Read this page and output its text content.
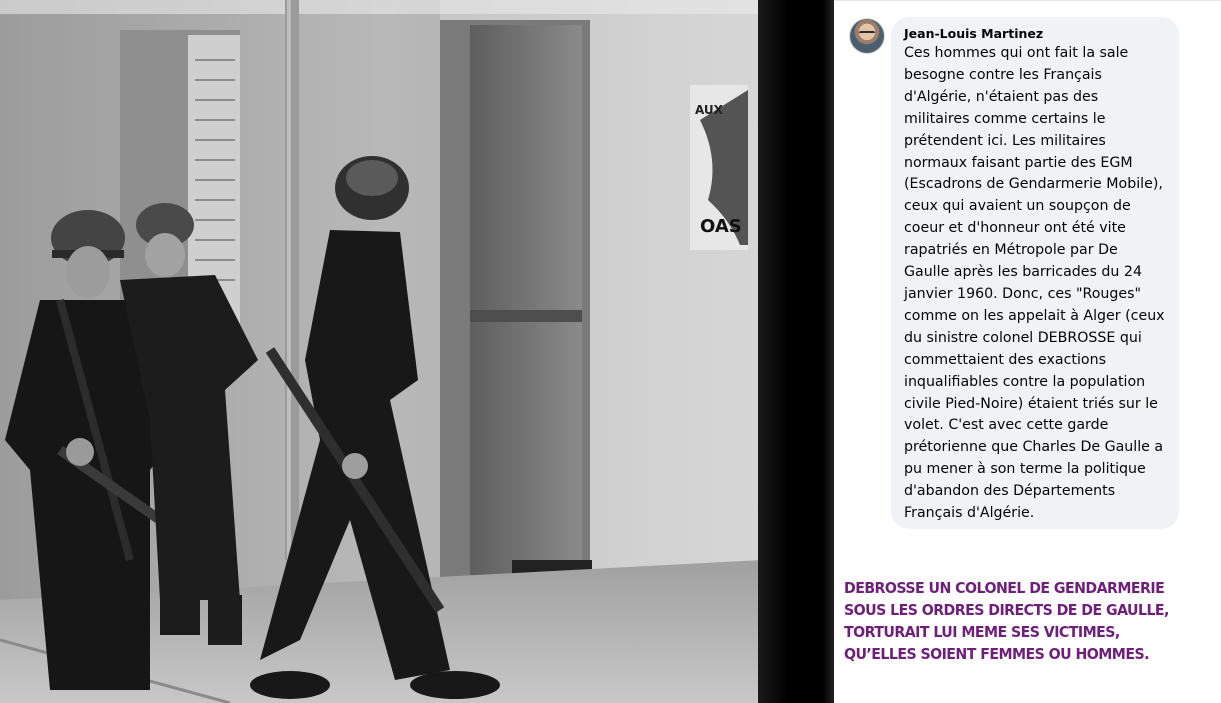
AUX
OAS
Jean-Louis Martinez
Ces hommes qui ont fait la sale besogne contre les Français d'Algérie, n'étaient pas des militaires comme certains le prétendent ici. Les militaires normaux faisant partie des EGM (Escadrons de Gendarmerie Mobile), ceux qui avaient un soupçon de coeur et d'honneur ont été vite rapatriés en Métropole par De Gaulle après les barricades du 24 janvier 1960. Donc, ces "Rouges" comme on les appelait à Alger (ceux du sinistre colonel DEBROSSE qui commettaient des exactions inqualifiables contre la population civile Pied-Noire) étaient triés sur le volet. C'est avec cette garde prétorienne que Charles De Gaulle a pu mener à son terme la politique d'abandon des Départements Français d'Algérie.
DEBROSSE UN COLONEL DE GENDARMERIE
SOUS LES ORDRES DIRECTS DE DE GAULLE,
TORTURAIT LUI MEME SES VICTIMES,
QU’ELLES SOIENT FEMMES OU HOMMES.
